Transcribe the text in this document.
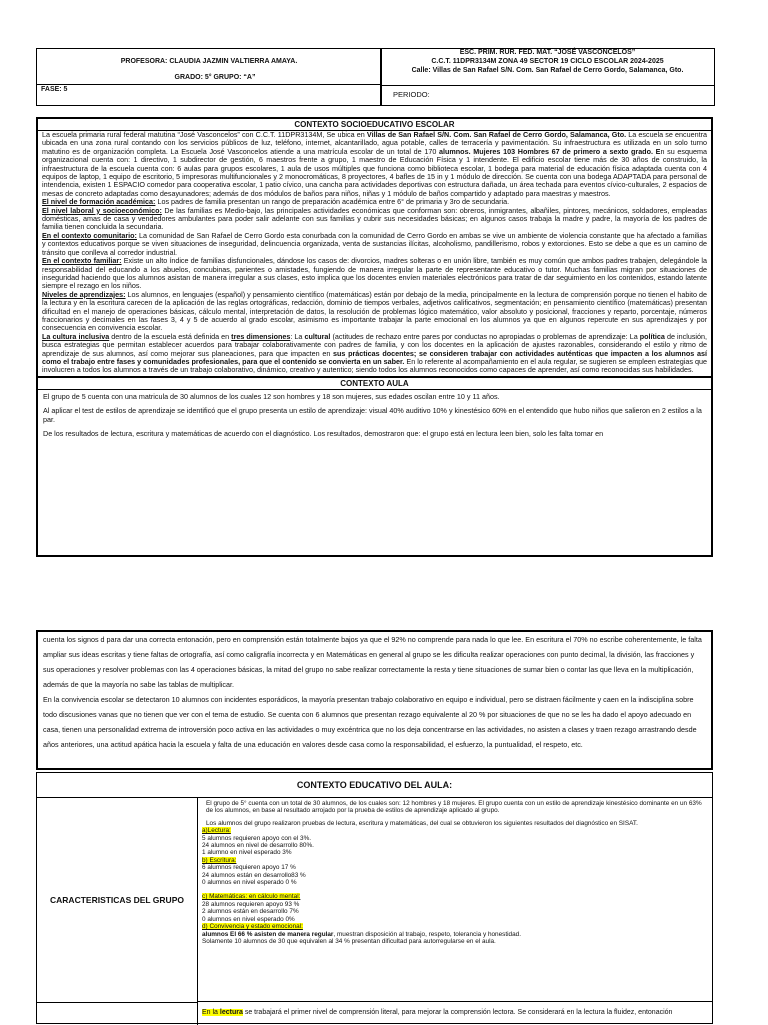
PROFESORA: CLAUDIA JAZMIN VALTIERRA AMAYA.
GRADO: 5° GRUPO: “A”
FASE: 5
ESC. PRIM. RUR. FED. MAT. “JOSÉ VASCONCELOS”
C.C.T. 11DPR3134M ZONA 49 SECTOR 19 CICLO ESCOLAR 2024-2025
Calle: Villas de San Rafael S/N. Com. San Rafael de Cerro Gordo, Salamanca, Gto.
PERIODO:
CONTEXTO SOCIOEDUCATIVO ESCOLAR

La escuela primaria rural federal matutina “José Vasconcelos” con C.C.T. 11DPR3134M, Se ubica en Villas de San Rafael S/N. Com. San Rafael de Cerro Gordo, Salamanca, Gto. La escuela se encuentra ubicada en una zona rural contando con los servicios públicos de luz, teléfono, internet, alcantarillado, agua potable, calles de terracería y pavimentación. Su infraestructura es utilizada en un solo turno matutino es de organización completa. La Escuela José Vasconcelos atiende a una matrícula escolar de un total de 170 alumnos. Mujeres 103 Hombres 67 de primero a sexto grado. En su esquema organizacional cuenta con: 1 directivo, 1 subdirector de gestión, 6 maestros frente a grupo, 1 maestro de Educación Física y 1 intendente. El edificio escolar tiene más de 30 años de construido, la infraestructura de la escuela cuenta con: 6 aulas para grupos escolares, 1 aula de usos múltiples que funciona como biblioteca escolar, 1 bodega para material de educación física adaptada cuenta con 4 equipos de laptop, 1 equipo de escritorio, 5 impresoras multifuncionales y 2 monocromáticas, 8 proyectores, 4 bafles de 15 in y 1 módulo de dirección. Se cuenta con una bodega ADAPTADA para personal de intendencia, existen 1 ESPACIO comedor para cooperativa escolar, 1 patio cívico, una cancha para actividades deportivas con estructura dañada, un área techada para eventos cívico-culturales, 2 espacios de mesas de concreto adaptadas como desayunadores; además de dos módulos de baños para niños, niñas y 1 módulo de baños compartido y adaptado para maestras y maestros.

El nivel de formación académica: Los padres de familia presentan un rango de preparación académica entre 6° de primaria y 3ro de secundaria.

El nivel laboral y socioeconómico: De las familias es Medio-bajo, las principales actividades económicas que conforman son: obreros, inmigrantes, albañiles, pintores, mecánicos, soldadores, empleadas domésticas, amas de casa y vendedores ambulantes para poder salir adelante con sus familias y cubrir sus necesidades básicas; en algunos casos trabaja la madre y padre, la mayoría de los padres de familia tienen concluida la secundaria.

En el contexto comunitario: La comunidad de San Rafael de Cerro Gordo esta conurbada con la comunidad de Cerro Gordo en ambas se vive un ambiente de violencia constante que ha afectado a familias y contextos educativos porque se viven situaciones de inseguridad, delincuencia organizada, venta de sustancias ilícitas, alcoholismo, pandillerismo, robos y extorciones. Esto se debe a que es un camino de tránsito que conlleva al corredor industrial.

En el contexto familiar: Existe un alto índice de familias disfuncionales, dándose los casos de: divorcios, madres solteras o en unión libre, también es muy común que ambos padres trabajen, delegándole la responsabilidad del educando a los abuelos, concubinas, parientes o amistades, fungiendo de manera irregular la parte de representante educativo o tutor. Muchas familias migran por situaciones de inseguridad haciendo que los alumnos asistan de manera irregular a sus clases, esto implica que los docentes envíen materiales electrónicos para tratar de dar seguimiento en los contenidos, estando latente siempre el rezago en los niños.

Niveles de aprendizajes: Los alumnos, en lenguajes (español) y pensamiento científico (matemáticas) están por debajo de la media, principalmente en la lectura de comprensión porque no tienen el habito de la lectura y en la escritura carecen de la aplicación de las reglas ortográficas, redacción, dominio de tiempos verbales, adjetivos calificativos, segmentación; en pensamiento científico (matemáticas) presentan dificultad en el manejo de operaciones básicas, cálculo mental, interpretación de datos, la resolución de problemas lógico matemático, valor absoluto y posicional, fracciones y reparto, porcentaje, números fraccionarios y decimales en las fases 3, 4 y 5 de acuerdo al grado escolar, asimismo es importante trabajar la parte emocional en los alumnos ya que en algunos repercute en sus aprendizajes y por consecuencia en convivencia escolar.

La cultura inclusiva dentro de la escuela está definida en tres dimensiones: La cultural (actitudes de rechazo entre pares por conductas no apropiadas o problemas de aprendizaje: La política de inclusión, busca estrategias que permitan establecer acuerdos para trabajar colaborativamente con padres de familia, y con los docentes en la aplicación de ajustes razonables, considerando el estilo y ritmo de aprendizaje de sus alumnos, así como mejorar sus planeaciones, para que impacten en sus prácticas docentes; se consideren trabajar con actividades auténticas que impacten a los alumnos así como el trabajo entre fases y comunidades profesionales, para que el contenido se convierta en un saber. En lo referente al acompañamiento en el aula regular, se sugieren se empleen estrategias que involucren a todos los alumnos a través de un trabajo colaborativo, dinámico, creativo y autentico; siendo todos los alumnos reconocidos como capaces de aprender, así como reconocidas sus habilidades.

CONTEXTO AULA

El grupo de 5 cuenta con una matricula de 30 alumnos de los cuales 12 son hombres y 18 son mujeres, sus edades oscilan entre 10 y 11 años.

Al aplicar el test de estilos de aprendizaje se identificó que el grupo presenta un estilo de aprendizaje: visual 40% auditivo 10% y kinestésico 60% en el entendido que hubo niños que salieron en 2 estilos a la par.

De los resultados de lectura, escritura y matemáticas de acuerdo con el diagnóstico. Los resultados, demostraron que: el grupo está en lectura leen bien, solo les falta tomar en

cuenta los signos d para dar una correcta entonación, pero en comprensión están totalmente bajos ya que el 92% no comprende para nada lo que lee. En escritura el 70% no escribe coherentemente, le falta ampliar sus ideas escritas y tiene faltas de ortografía, así como caligrafía incorrecta y en Matemáticas en general al grupo se les dificulta realizar operaciones con punto decimal, la división, las fracciones y sus operaciones y resolver problemas con las 4 operaciones básicas, la mitad del grupo no sabe realizar correctamente la resta y tiene situaciones de sumar bien o contar las que lleva en la multiplicación, además de que la mayoría no sabe las tablas de multiplicar.

En la convivencia escolar se detectaron 10 alumnos con incidentes esporádicos, la mayoría presentan trabajo colaborativo en equipo e individual, pero se distraen fácilmente y caen en la indisciplina sobre todo discusiones vanas que no tienen que ver con el tema de estudio. Se cuenta con 6 alumnos que presentan rezago equivalente al 20 % por situaciones de que no se les ha dado el apoyo adecuado en casa, tienen una personalidad extrema de introversión poco activa en las actividades o muy excéntrica que no los deja concentrarse en las actividades, no asisten a clases y traen rezago arrastrando desde años anteriores, una actitud apática hacia la escuela y falta de una educación en valores desde casa como la responsabilidad, el esfuerzo, la puntualidad, el respeto, etc.

CONTEXTO EDUCATIVO DEL AULA:
CARACTERISTICAS DEL GRUPO

El grupo de 5° cuenta con un total de 30 alumnos, de los cuales son: 12 hombres y 18 mujeres. El grupo cuenta con un estilo de aprendizaje kinestésico dominante en un 63% de los alumnos, en base al resultado arrojado por la prueba de estilos de aprendizaje aplicado al grupo.

Los alumnos del grupo realizaron pruebas de lectura, escritura y matemáticas, del cual se obtuvieron los siguientes resultados del diagnóstico en SISAT.

a)Lectura:

5 alumnos requieren apoyo con el 3%.

24 alumnos en nivel de desarrollo 80%.

1 alumno en nivel esperado 3%

b) Escritura:

6 alumnos requieren apoyo 17 %

24 alumnos están en desarrollo83 %

0 alumnos en nivel esperado 0 %

c) Matemáticas: en cálculo mental:

28 alumnos requieren apoyo 93 %

2 alumnos están en desarrollo 7%

0 alumnos en nivel esperado 0%

d) Convivencia y estado emocional:

alumnos El 66 % asisten de manera regular, muestran disposición al trabajo, respeto, tolerancia y honestidad.

Solamente 10 alumnos de 30 que equivalen al 34 % presentan dificultad para autorregularse en el aula.

En la lectura se trabajará el primer nivel de comprensión literal, para mejorar la comprensión lectora. Se considerará en la lectura la fluidez, entonación
